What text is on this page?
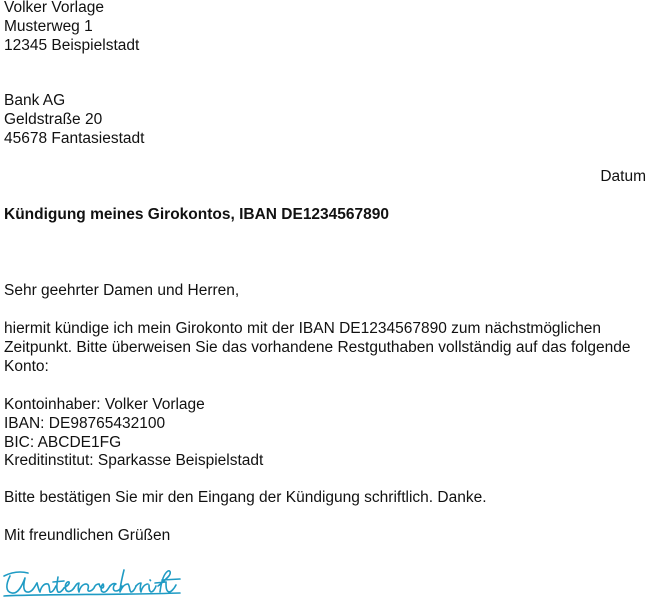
Volker Vorlage
Musterweg 1
12345 Beispielstadt
Bank AG
Geldstraße 20
45678 Fantasiestadt
Datum
Kündigung meines Girokontos, IBAN DE1234567890
Sehr geehrter Damen und Herren,

hiermit kündige ich mein Girokonto mit der IBAN DE1234567890 zum nächstmöglichen Zeitpunkt. Bitte überweisen Sie das vorhandene Restguthaben vollständig auf das folgende Konto:

Kontoinhaber: Volker Vorlage
IBAN: DE98765432100
BIC: ABCDE1FG
Kreditinstitut: Sparkasse Beispielstadt
Bitte bestätigen Sie mir den Eingang der Kündigung schriftlich. Danke.
Mit freundlichen Grüßen
